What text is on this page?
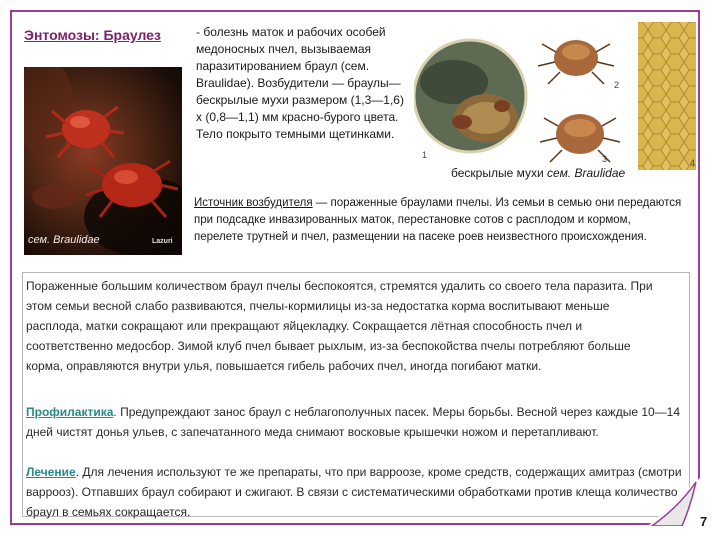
Энтомозы: Браулез	- болезнь маток и рабочих особей медоносных пчел, вызываемая паразитированием браул (сем. Braulidae). Возбудители — браулы— бескрылые мухи размером (1,3—1,6) х (0,8—1,1) мм красно-бурого цвета. Тело покрыто темными щетинками.
сем. Braulidae	Lazuri
1
2
3	4
бескрылые мухи сем. Braulidae
Источник возбудителя — пораженные браулами пчелы. Из семьи в семью они передаются при подсадке инвазированных маток, перестановке сотов с расплодом и кормом, перелете трутней и пчел, размещении на пасеке роев неизвестного происхождения.
Пораженные большим количеством браул пчелы беспокоятся, стремятся удалить со своего тела паразита. При этом семьи весной слабо развиваются, пчелы-кормилицы из-за недостатка корма воспитывают меньше расплода, матки сокращают или прекращают яйцекладку. Сокращается лётная способность пчел и соответственно медосбор. Зимой клуб пчел бывает рыхлым, из-за беспокойства пчелы потребляют больше корма, оправляются внутри улья, повышается гибель рабочих пчел, иногда погибают матки.
Профилактика. Предупреждают занос браул с неблагополучных пасек. Меры борьбы. Весной через каждые 10—14 дней чистят донья ульев, с запечатанного меда снимают восковые крышечки ножом и перетапливают.
Лечение. Для лечения используют те же препараты, что при варроозе, кроме средств, содержащих амитраз (смотри варрооз). Отпавших браул собирают и сжигают. В связи с систематическими обработками против клеща количество браул в семьях сокращается.
7
